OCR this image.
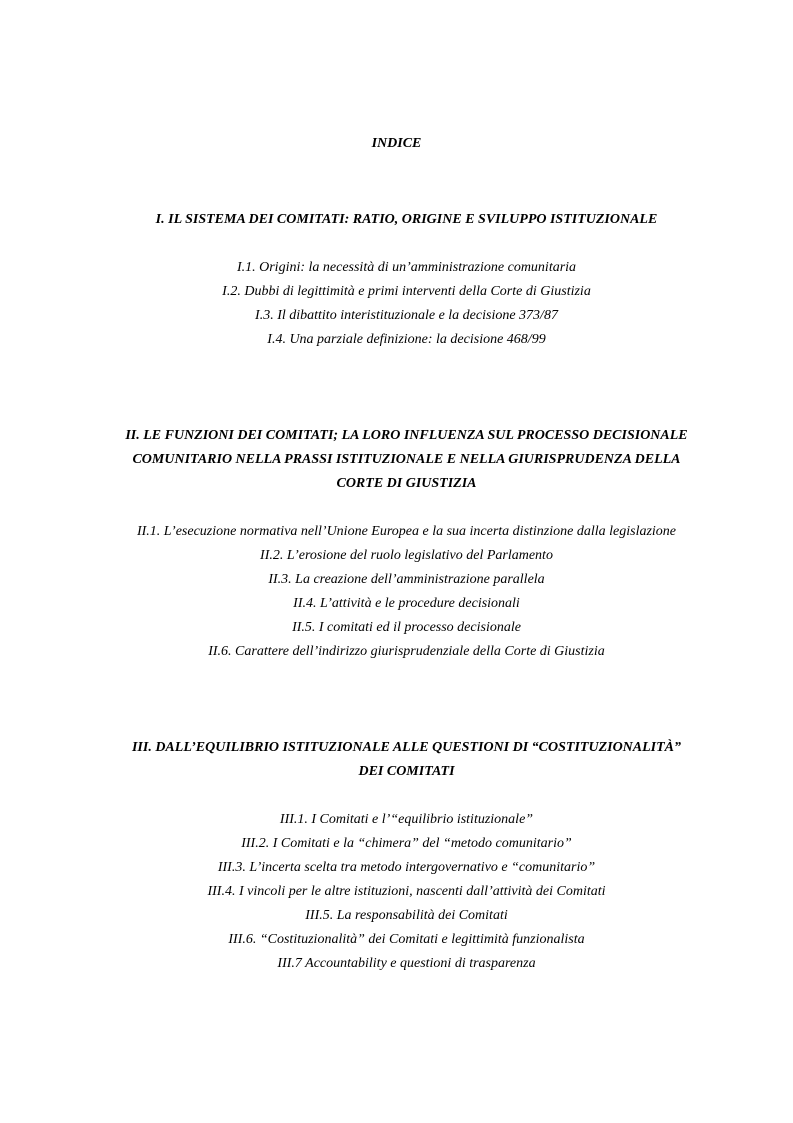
INDICE

I. IL SISTEMA DEI COMITATI: RATIO, ORIGINE E SVILUPPO ISTITUZIONALE

I.1. Origini: la necessità di un’amministrazione comunitaria

I.2. Dubbi di legittimità e primi interventi della Corte di Giustizia

I.3. Il dibattito interistituzionale e la decisione 373/87

I.4. Una parziale definizione: la decisione 468/99

II. LE FUNZIONI DEI COMITATI; LA LORO INFLUENZA SUL PROCESSO DECISIONALE COMUNITARIO NELLA PRASSI ISTITUZIONALE E NELLA GIURISPRUDENZA DELLA CORTE DI GIUSTIZIA

II.1. L’esecuzione normativa nell’Unione Europea e la sua incerta distinzione dalla legislazione

II.2. L’erosione del ruolo legislativo del Parlamento

II.3. La creazione dell’amministrazione parallela

II.4. L’attività e le procedure decisionali

II.5. I comitati ed il processo decisionale

II.6. Carattere dell’indirizzo giurisprudenziale della Corte di Giustizia

III. DALL’EQUILIBRIO ISTITUZIONALE ALLE QUESTIONI DI “COSTITUZIONALITÀ” DEI COMITATI

III.1. I Comitati e l’“equilibrio istituzionale”

III.2. I Comitati e la “chimera” del “metodo comunitario”

III.3. L’incerta scelta tra metodo intergovernativo e “comunitario”

III.4. I vincoli per le altre istituzioni, nascenti dall’attività dei Comitati

III.5. La responsabilità dei Comitati

III.6. “Costituzionalità” dei Comitati e legittimità funzionalista

III.7 Accountability e questioni di trasparenza
